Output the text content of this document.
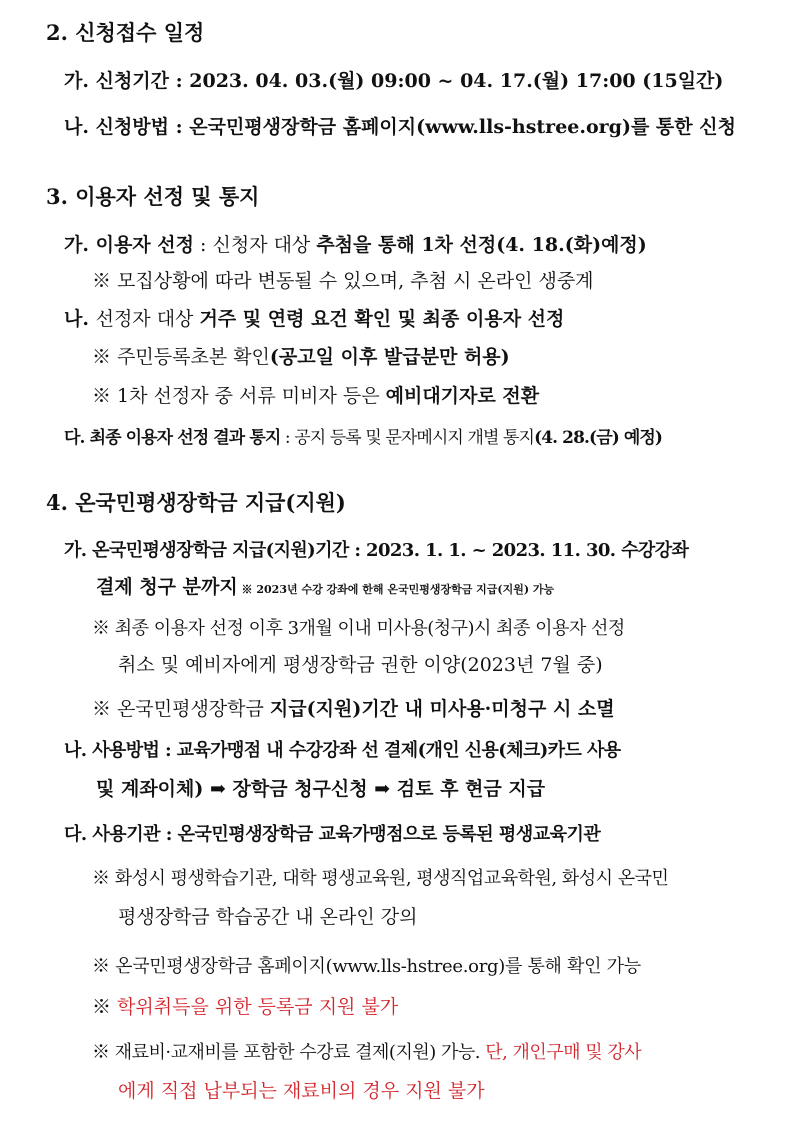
2. 신청접수 일정
가. 신청기간 : 2023. 04. 03.(월) 09:00 ~ 04. 17.(월) 17:00 (15일간)
나. 신청방법 : 온국민평생장학금 홈페이지(www.lls-hstree.org)를 통한 신청
3. 이용자 선정 및 통지
가. 이용자 선정 : 신청자 대상 추첨을 통해 1차 선정(4. 18.(화)예정)
※ 모집상황에 따라 변동될 수 있으며, 추첨 시 온라인 생중계
나. 선정자 대상 거주 및 연령 요건 확인 및 최종 이용자 선정
※ 주민등록초본 확인(공고일 이후 발급분만 허용)
※ 1차 선정자 중 서류 미비자 등은 예비대기자로 전환
다. 최종 이용자 선정 결과 통지 : 공지 등록 및 문자메시지 개별 통지(4. 28.(금) 예정)
4. 온국민평생장학금 지급(지원)
가. 온국민평생장학금 지급(지원)기간 : 2023. 1. 1. ~ 2023. 11. 30. 수강강좌
결제 청구 분까지 ※ 2023년 수강 강좌에 한해 온국민평생장학금 지급(지원) 가능
※ 최종 이용자 선정 이후 3개월 이내 미사용(청구)시 최종 이용자 선정
취소 및 예비자에게 평생장학금 권한 이양(2023년 7월 중)
※ 온국민평생장학금 지급(지원)기간 내 미사용·미청구 시 소멸
나. 사용방법 : 교육가맹점 내 수강강좌 선 결제(개인 신용(체크)카드 사용
및 계좌이체) ➡ 장학금 청구신청 ➡ 검토 후 현금 지급
다. 사용기관 : 온국민평생장학금 교육가맹점으로 등록된 평생교육기관
※ 화성시 평생학습기관, 대학 평생교육원, 평생직업교육학원, 화성시 온국민
평생장학금 학습공간 내 온라인 강의
※ 온국민평생장학금 홈페이지(www.lls-hstree.org)를 통해 확인 가능
※ 학위취득을 위한 등록금 지원 불가
※ 재료비·교재비를 포함한 수강료 결제(지원) 가능. 단, 개인구매 및 강사
에게 직접 납부되는 재료비의 경우 지원 불가
